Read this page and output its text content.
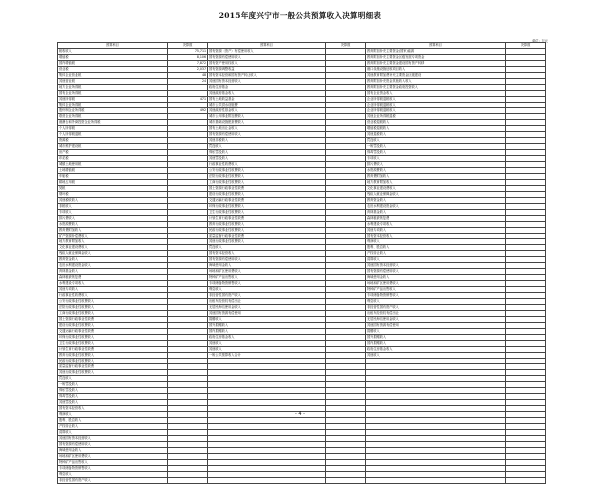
2015年度兴宁市一般公共预算收入决算明细表
单位：万元
预算科目	决算数	预算科目	决算数	预算科目	决算数
税收收入	75,711	国有资源（资产）有偿使用收入		教育附加补充主要资金(国家)能源	
增值税	8,106	国有资源有偿使用收入		教育附加补充主要资金区级发展专项资金	
国内增值税	7,872	国有资产使用权收入		教育附加补充主要资金建设国有资产转移	
营业税	2,037	国有资源调整收益		港口设施设施征收项目收入	
集体企业营业税	48	国有资本经营和国有资产转让收入		其他教育附加费补充主要资金区级建设	
其他营业税	24	其他国有资本经营收入		教育附加补充资金其他收入收入	
地方企业所得税		政府住房基金		教育附加补充主要资金政府投资收入	
国有企业所得税		其他政府基金收入		国有企业资金收入	
其他所得税	471	国有土地收益基金		企业所得税退税收入	
集体企业所得税		城市公共供水设施费		企业所得税退税收入	
股份制企业所得税	492	其他政府性基金收入		企业所得税退税收入	
联营企业所得税		城市公用事业附加费收入		其他企业所得税退税	
港澳台和外商投资企业所得税		城市基础设施配套费收入		营业税退税收入	
个人所得税		国有土地出让金收入		增值税退税收入	
个人所得税退税		国有资源有偿使用收入		其他退税收入	
资源税		其他非税收入		罚没收入	
城市维护建设税		罚没收入		一般罚没收入	
房产税		缉私罚没收入		缉毒罚没收入	
印花税		其他罚没收入		专项收入	
城镇土地使用税		行政事业性收费收入		排污费收入	
土地增值税		公安行政事业性收费收入		水资源费收入	
车船税		法院行政事业性收费收入		教育费附加收入	
耕地占用税		工商行政事业性收费收入		地方教育附加收入	
契税		国土资源行政事业性收费		文化事业建设费收入	
烟叶税		建设行政事业性收费收入		残疾人就业保障金收入	
其他税收收入		交通运输行政事业性收费		教育资金收入	
非税收入		环保行政事业性收费收入		农田水利建设资金收入	
专项收入		卫生行政事业性收费收入		育林基金收入	
排污费收入		计划生育行政事业性收费		森林植被恢复费	
水资源费收入		教育行政事业性收费收入		水利建设专项收入	
教育费附加收入		民政行政事业性收费收入		其他专项收入	
矿产资源补偿费收入		质量监督行政事业性收费		国有资本经营收入	
地方教育附加收入		其他行政事业性收费收入		利润收入	
文化事业建设费收入		罚没收入		股利、股息收入	
残疾人就业保障金收入		国有资本经营收入		产权转让收入	
教育资金收入		国有资源有偿使用收入		清算收入	
农田水利建设资金收入		海域使用金收入		其他国有资本经营收入	
育林基金收入		场地和矿区使用费收入		国有资源有偿使用收入	
森林植被恢复费		特种矿产品出售收入		海域使用金收入	
水利建设专项收入		专项储备物资销售收入		场地和矿区使用费收入	
其他专项收入		利息收入		特种矿产品出售收入	
行政事业性收费收入		非经营性国有资产收入		专项储备物资销售收入	
公安行政事业性收费收入		出租车经营权有偿出让		利息收入	
法院行政事业性收费收入		无居民海岛使用金收入		非经营性国有资产收入	
工商行政事业性收费收入		其他国有资源有偿使用		出租车经营权有偿出让	
国土资源行政事业性收费		捐赠收入		无居民海岛使用金收入	
建设行政事业性收费收入		国外捐赠收入		其他国有资源有偿使用	
交通运输行政事业性收费		国内捐赠收入		捐赠收入	
环保行政事业性收费收入		政府住房基金收入		国外捐赠收入	
卫生行政事业性收费收入		其他收入		国内捐赠收入	
计划生育行政事业性收费		其他收入		政府住房基金收入	
教育行政事业性收费收入		一般公共预算收入合计		其他收入	
民政行政事业性收费收入					
质量监督行政事业性收费					
其他行政事业性收费收入					
罚没收入					
一般罚没收入					
缉私罚没收入					
缉毒罚没收入					
其他罚没收入					
国有资本经营收入					
利润收入					
股利、股息收入					
产权转让收入					
清算收入					
其他国有资本经营收入					
国有资源有偿使用收入					
海域使用金收入					
场地和矿区使用费收入					
特种矿产品出售收入					
专项储备物资销售收入					
利息收入					
非经营性国有资产收入					
- 4 -
